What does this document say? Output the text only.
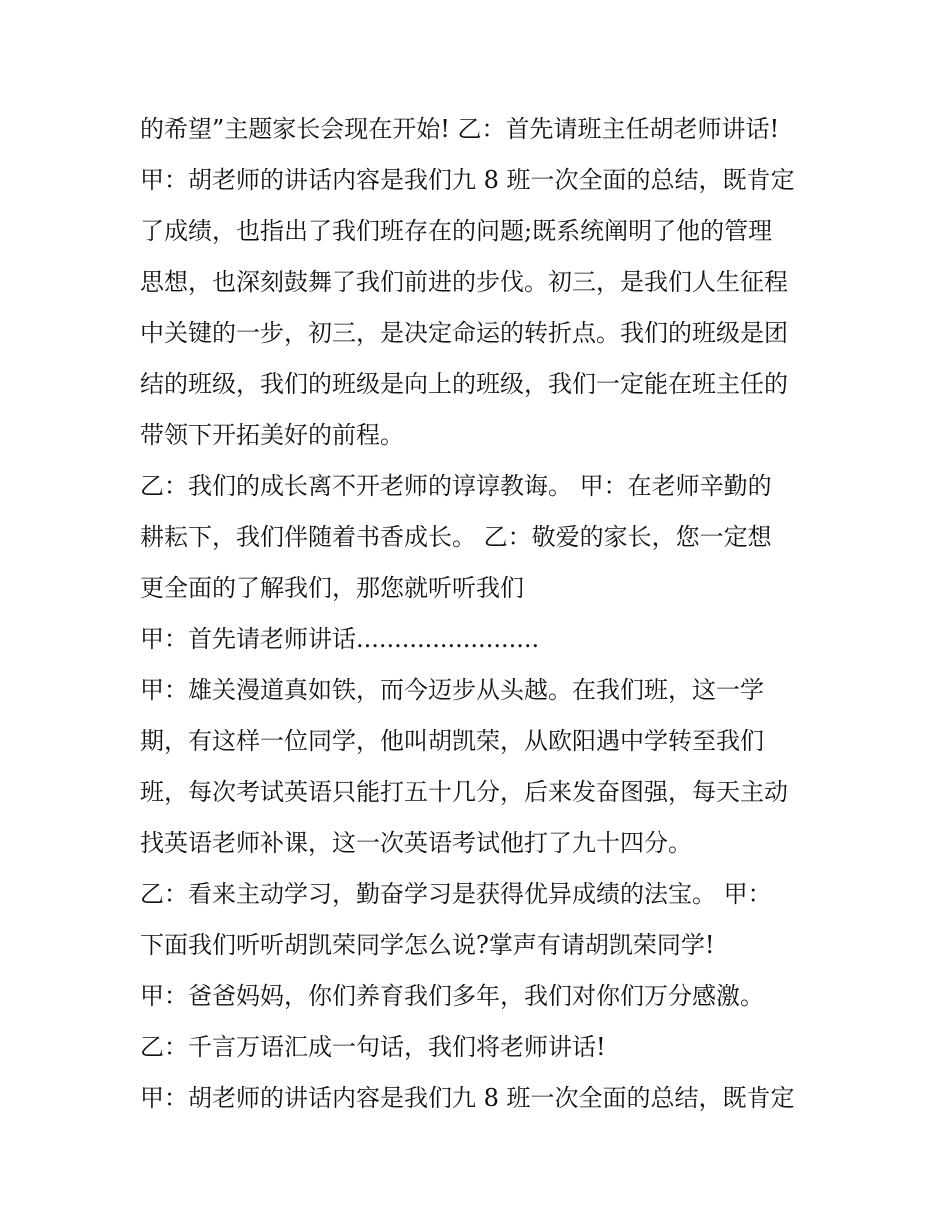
的希望”主题家长会现在开始! 乙：首先请班主任胡老师讲话!
甲：胡老师的讲话内容是我们九 8 班一次全面的总结，既肯定
了成绩，也指出了我们班存在的问题;既系统阐明了他的管理
思想，也深刻鼓舞了我们前进的步伐。初三，是我们人生征程
中关键的一步，初三，是决定命运的转折点。我们的班级是团
结的班级，我们的班级是向上的班级，我们一定能在班主任的
带领下开拓美好的前程。
乙：我们的成长离不开老师的谆谆教诲。 甲：在老师辛勤的
耕耘下，我们伴随着书香成长。 乙：敬爱的家长，您一定想
更全面的了解我们，那您就听听我们
甲：首先请老师讲话........................
甲：雄关漫道真如铁，而今迈步从头越。在我们班，这一学
期，有这样一位同学，他叫胡凯荣，从欧阳遇中学转至我们
班，每次考试英语只能打五十几分，后来发奋图强，每天主动
找英语老师补课，这一次英语考试他打了九十四分。
乙：看来主动学习，勤奋学习是获得优异成绩的法宝。 甲：
下面我们听听胡凯荣同学怎么说?掌声有请胡凯荣同学!
甲：爸爸妈妈，你们养育我们多年，我们对你们万分感激。
乙：千言万语汇成一句话，我们将老师讲话!
甲：胡老师的讲话内容是我们九 8 班一次全面的总结，既肯定
